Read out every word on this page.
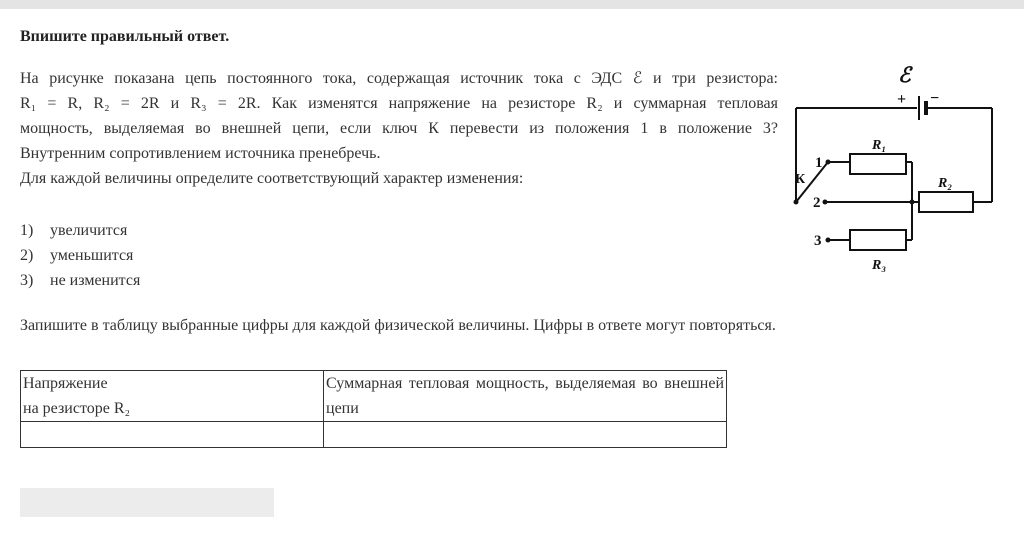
Впишите правильный ответ.

На рисунке показана цепь постоянного тока, содержащая источник тока с ЭДС ℰ и три резистора:

R₁ = R, R₂ = 2R и R₃ = 2R. Как изменятся напряжение на резисторе R₂ и суммарная тепловая

мощность, выделяемая во внешней цепи, если ключ К перевести из положения 1 в положение 3?

Внутренним сопротивлением источника пренебречь.

Для каждой величины определите соответствующий характер изменения:

1) увеличится
2) уменьшится
3) не изменится
Запишите в таблицу выбранные цифры для каждой физической величины. Цифры в ответе могут повторяться.
Напряжение
на резисторе R₂	Суммарная тепловая мощность, выделяемая во внешней цепи

ℰ
+ −
R₁
R₂
R₃
К
1
2
3
